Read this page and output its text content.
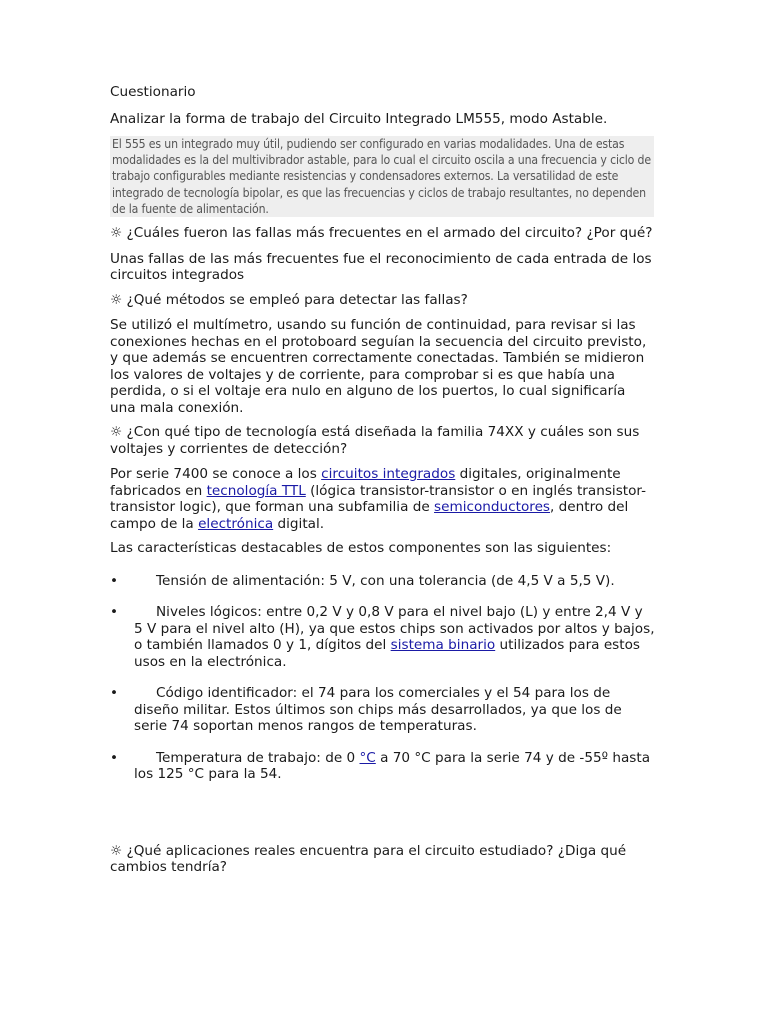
Cuestionario

Analizar la forma de trabajo del Circuito Integrado LM555, modo Astable.

El 555 es un integrado muy útil, pudiendo ser configurado en varias modalidades. Una de estas modalidades es la del multivibrador astable, para lo cual el circuito oscila a una frecuencia y ciclo de trabajo configurables mediante resistencias y condensadores externos. La versatilidad de este integrado de tecnología bipolar, es que las frecuencias y ciclos de trabajo resultantes, no dependen de la fuente de alimentación.

☼ ¿Cuáles fueron las fallas más frecuentes en el armado del circuito? ¿Por qué?

Unas fallas de las más frecuentes fue el reconocimiento de cada entrada de los circuitos integrados

☼ ¿Qué métodos se empleó para detectar las fallas?

Se utilizó el multímetro, usando su función de continuidad, para revisar si las conexiones hechas en el protoboard seguían la secuencia del circuito previsto, y que además se encuentren correctamente conectadas. También se midieron los valores de voltajes y de corriente, para comprobar si es que había una perdida, o si el voltaje era nulo en alguno de los puertos, lo cual significaría una mala conexión.

☼ ¿Con qué tipo de tecnología está diseñada la familia 74XX y cuáles son sus voltajes y corrientes de detección?

Por serie 7400 se conoce a los circuitos integrados digitales, originalmente fabricados en tecnología TTL (lógica transistor-transistor o en inglés transistor-transistor logic), que forman una subfamilia de semiconductores, dentro del campo de la electrónica digital.

Las características destacables de estos componentes son las siguientes:

•	Tensión de alimentación: 5 V, con una tolerancia (de 4,5 V a 5,5 V).
•	Niveles lógicos: entre 0,2 V y 0,8 V para el nivel bajo (L) y entre 2,4 V y 5 V para el nivel alto (H), ya que estos chips son activados por altos y bajos, o también llamados 0 y 1, dígitos del sistema binario utilizados para estos usos en la electrónica.
•	Código identificador: el 74 para los comerciales y el 54 para los de diseño militar. Estos últimos son chips más desarrollados, ya que los de serie 74 soportan menos rangos de temperaturas.
•	Temperatura de trabajo: de 0 °C a 70 °C para la serie 74 y de -55º hasta los 125 °C para la 54.

☼ ¿Qué aplicaciones reales encuentra para el circuito estudiado? ¿Diga qué cambios tendría?
